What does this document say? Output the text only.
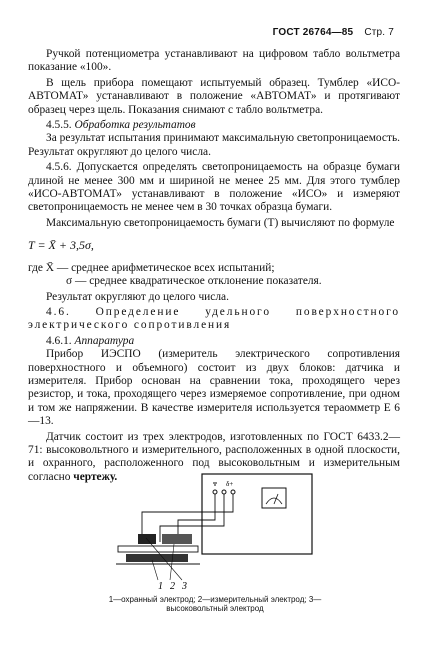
ГОСТ 26764—85 Стр. 7

Ручкой потенциометра устанавливают на цифровом табло вольтметра показание «100».

В щель прибора помещают испытуемый образец. Тумблер «ИСО-АВТОМАТ» устанавливают в положение «АВТОМАТ» и протягивают образец через щель. Показания снимают с табло вольтметра.

4.5.5. Обработка результатов

За результат испытания принимают максимальную светопроницаемость. Результат округляют до целого числа.

4.5.6. Допускается определять светопроницаемость на образце бумаги длиной не менее 300 мм и шириной не менее 25 мм. Для этого тумблер «ИСО-АВТОМАТ» устанавливают в положение «ИСО» и измеряют светопроницаемость не менее чем в 30 точках образца бумаги.

Максимальную светопроницаемость бумаги (T) вычисляют по формуле

T = X̄ + 3,5σ,

где X̄ — среднее арифметическое всех испытаний;

σ — среднее квадратическое отклонение показателя.

Результат округляют до целого числа.

4.6. Определение удельного поверхностного электрического сопротивления

4.6.1. Аппаратура

Прибор ИЭСПО (измеритель электрического сопротивления поверхностного и объемного) состоит из двух блоков: датчика и измерителя. Прибор основан на сравнении тока, проходящего через резистор, и тока, проходящего через измеряемое сопротивление, при одном и том же напряжении. В качестве измерителя используется тераомметр Е 6—13.

Датчик состоит из трех электродов, изготовленных по ГОСТ 6433.2—71: высоковольтного и измерительного, расположенных в одной плоскости, и охранного, расположенного под высоковольтным и измерительным согласно чертежу.

δ+
1 2 3
1—охранный электрод; 2—измерительный электрод; 3—высоковольтный электрод
